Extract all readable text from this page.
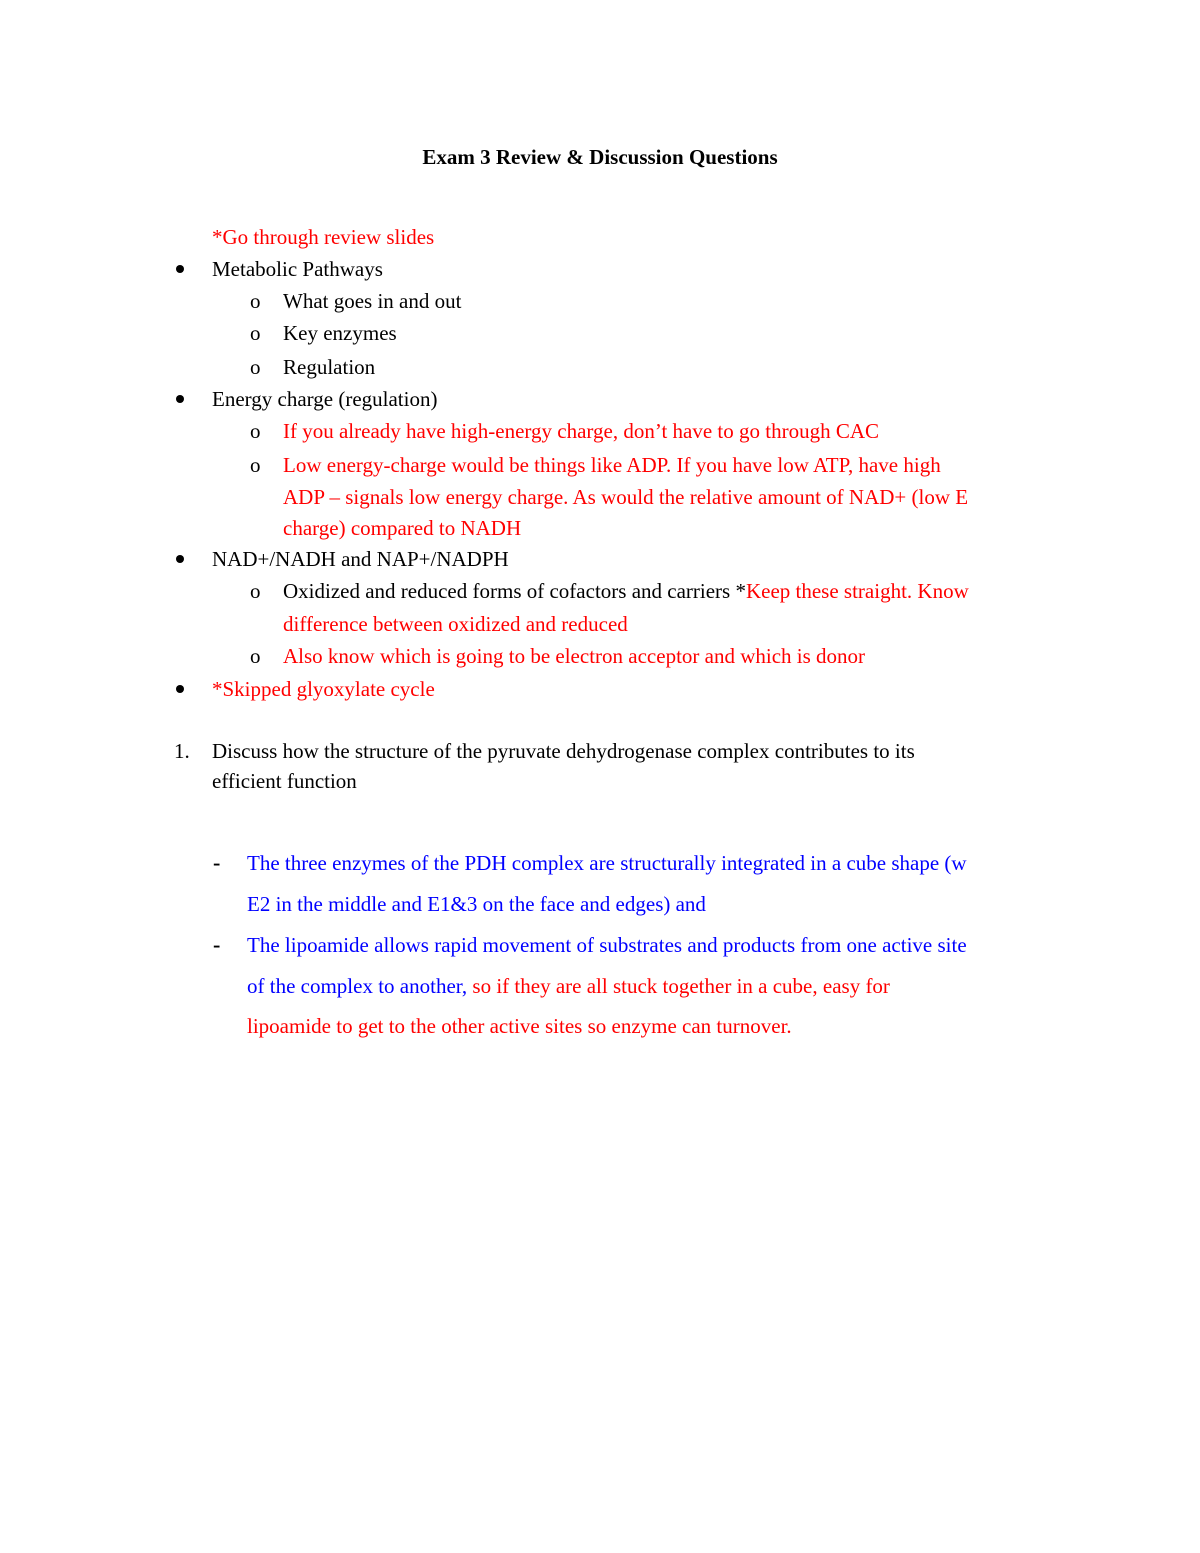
Exam 3 Review & Discussion Questions
*Go through review slides
Metabolic Pathways
o What goes in and out
o Key enzymes
o Regulation
Energy charge (regulation)
o If you already have high-energy charge, don’t have to go through CAC
o Low energy-charge would be things like ADP. If you have low ATP, have high
ADP – signals low energy charge. As would the relative amount of NAD+ (low E
charge) compared to NADH
NAD+/NADH and NAP+/NADPH
o Oxidized and reduced forms of cofactors and carriers *Keep these straight. Know
difference between oxidized and reduced
o Also know which is going to be electron acceptor and which is donor
*Skipped glyoxylate cycle
1. Discuss how the structure of the pyruvate dehydrogenase complex contributes to its
efficient function
- The three enzymes of the PDH complex are structurally integrated in a cube shape (w
E2 in the middle and E1&3 on the face and edges) and
- The lipoamide allows rapid movement of substrates and products from one active site
of the complex to another, so if they are all stuck together in a cube, easy for
lipoamide to get to the other active sites so enzyme can turnover.
